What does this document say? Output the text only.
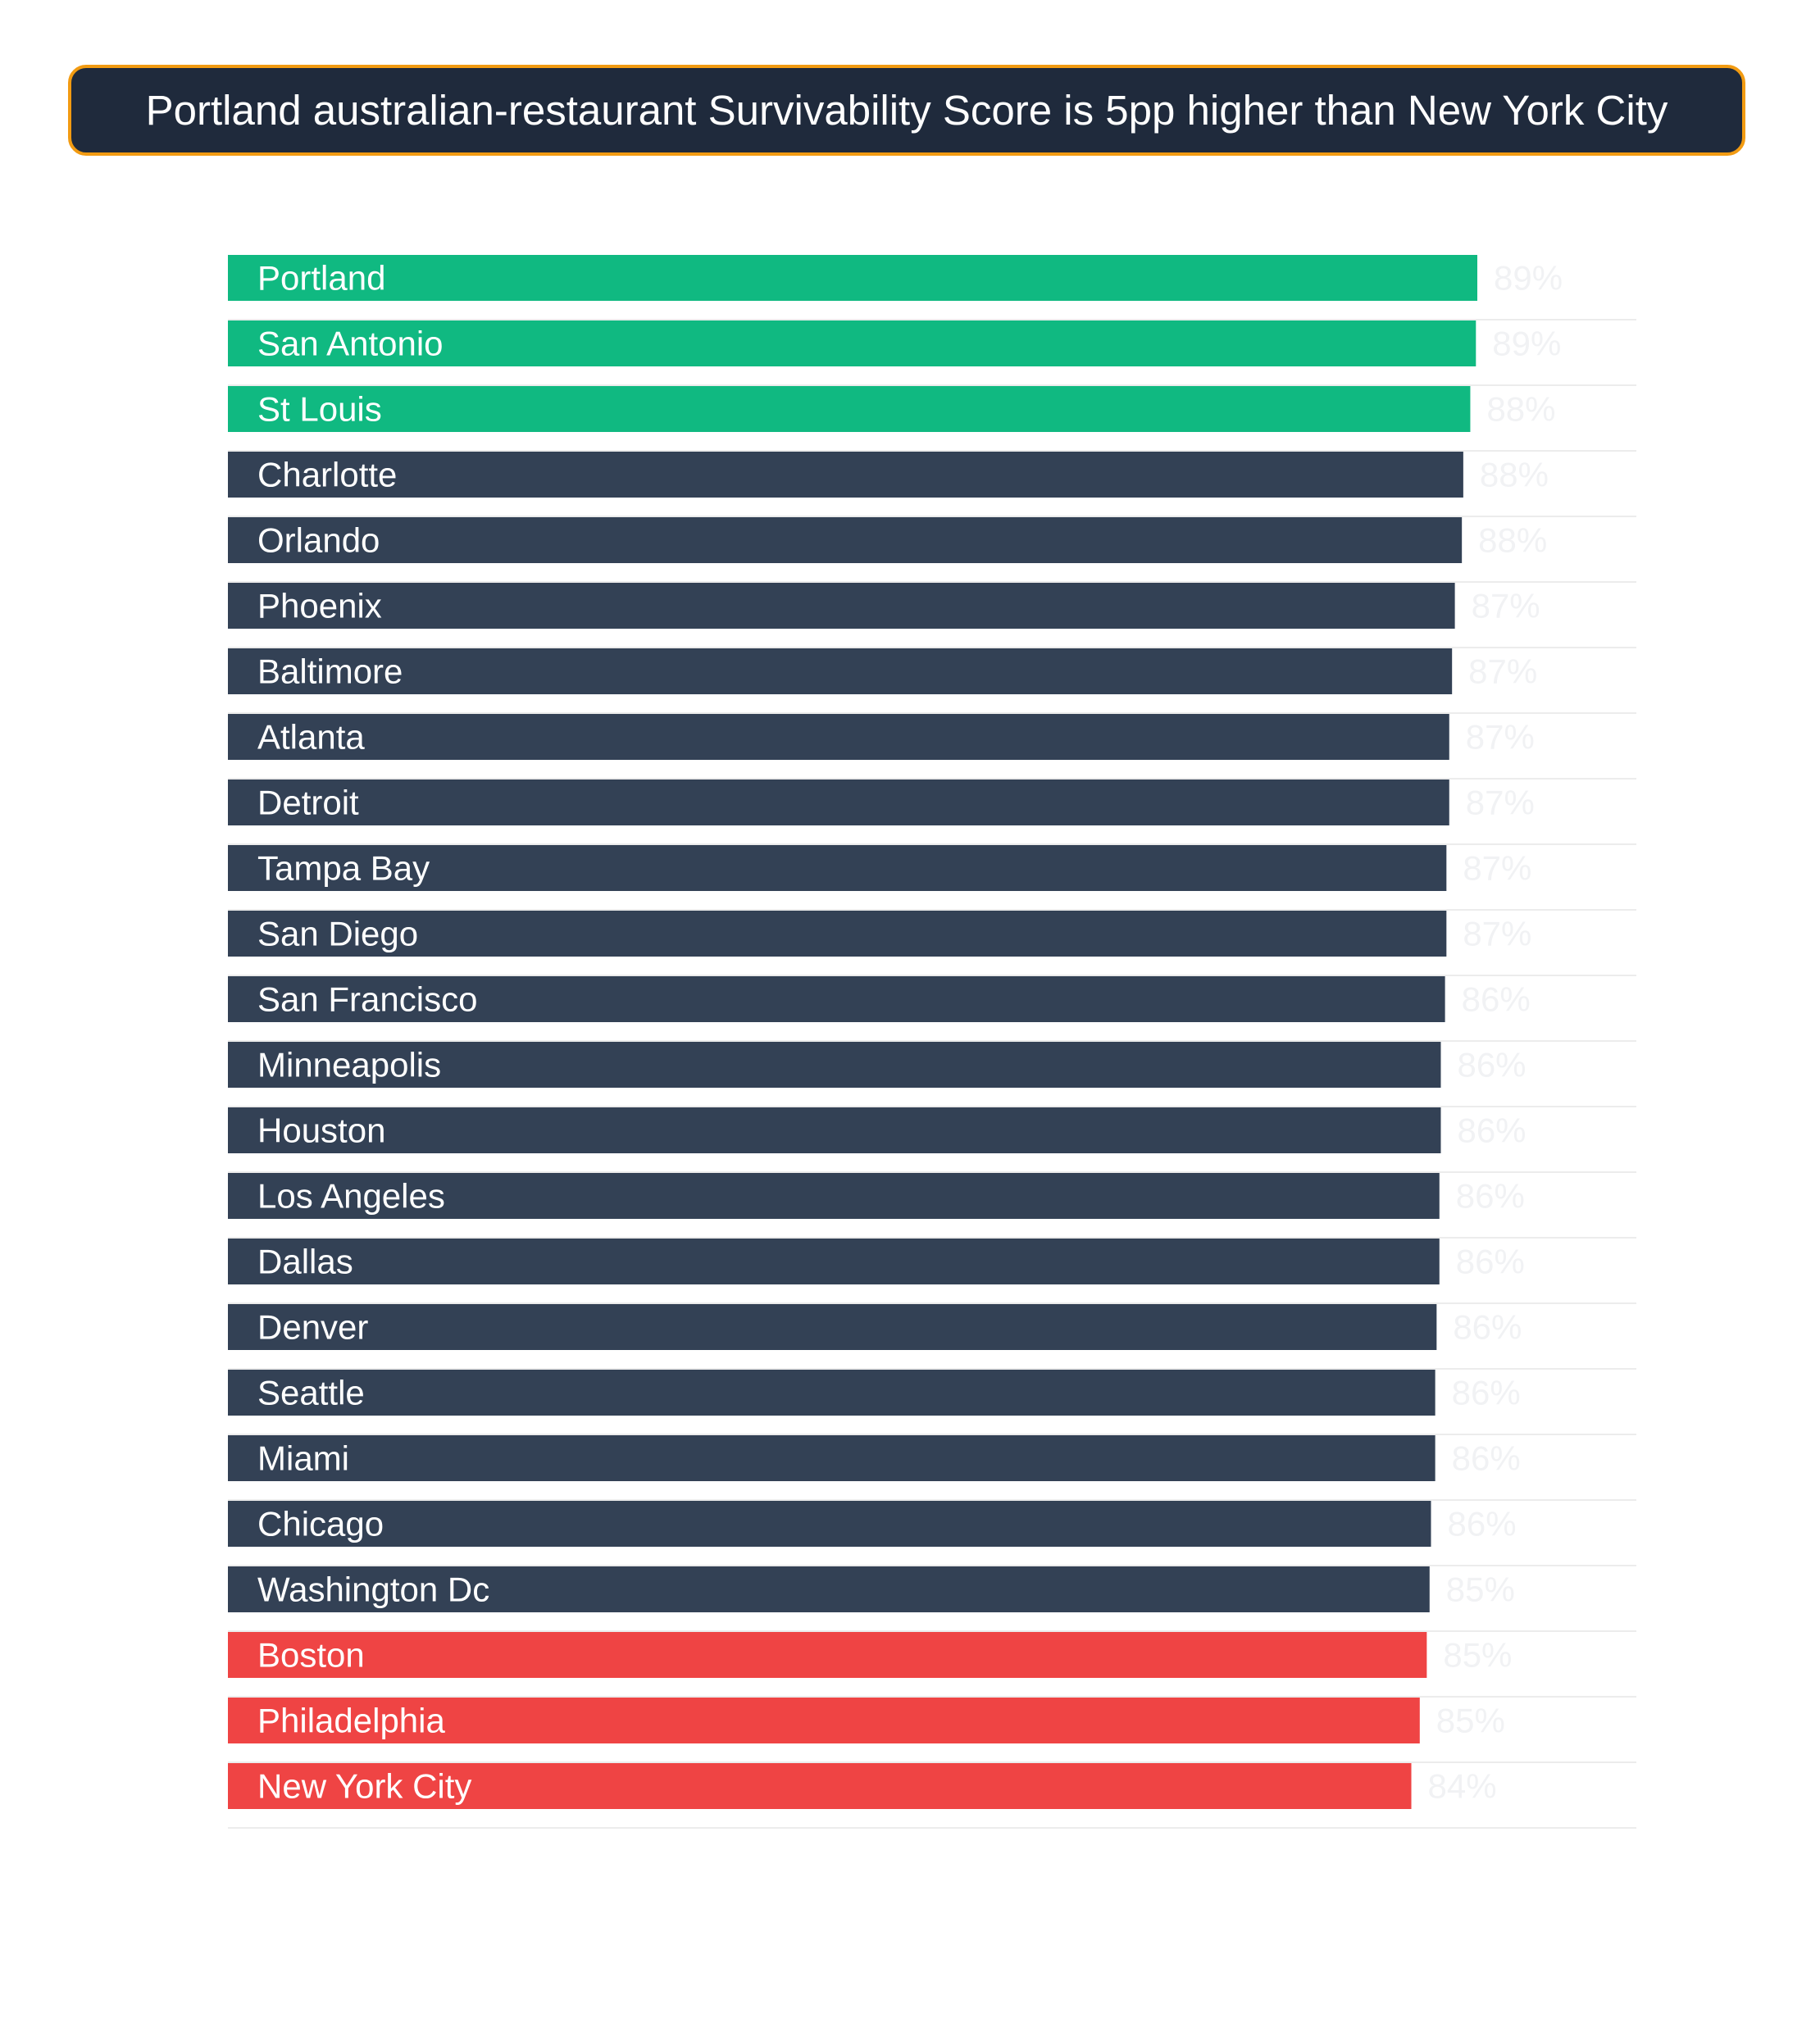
Portland australian-restaurant Survivability Score is 5pp higher than New York City
Portland	89%
San Antonio	89%
St Louis	88%
Charlotte	88%
Orlando	88%
Phoenix	87%
Baltimore	87%
Atlanta	87%
Detroit	87%
Tampa Bay	87%
San Diego	87%
San Francisco	86%
Minneapolis	86%
Houston	86%
Los Angeles	86%
Dallas	86%
Denver	86%
Seattle	86%
Miami	86%
Chicago	86%
Washington Dc	85%
Boston	85%
Philadelphia	85%
New York City	84%
